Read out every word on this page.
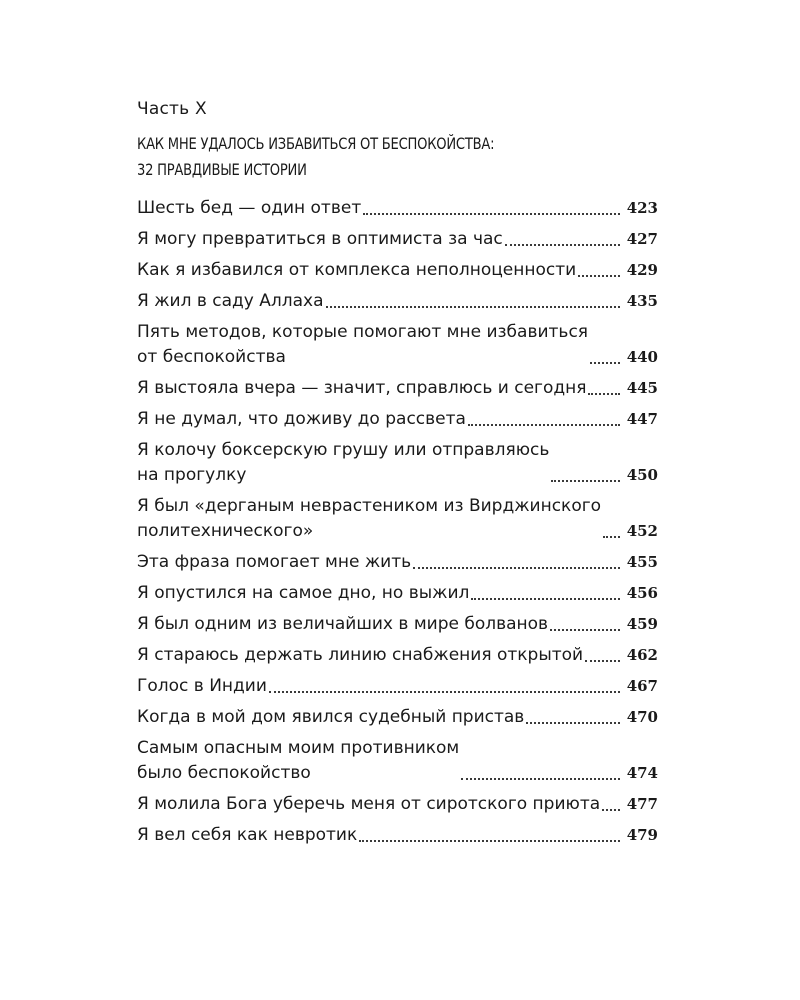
Часть X
КАК МНЕ УДАЛОСЬ ИЗБАВИТЬСЯ ОТ БЕСПОКОЙСТВА:
32 ПРАВДИВЫЕ ИСТОРИИ
Шесть бед — один ответ	423
Я могу превратиться в оптимиста за час	427
Как я избавился от комплекса неполноценности	429
Я жил в саду Аллаха	435
Пять методов, которые помогают мне избавиться
от беспокойства	440
Я выстояла вчера — значит, справлюсь и сегодня	445
Я не думал, что доживу до рассвета	447
Я колочу боксерскую грушу или отправляюсь
на прогулку	450
Я был «дерганым неврастеником из Вирджинского
политехнического»	452
Эта фраза помогает мне жить	455
Я опустился на самое дно, но выжил	456
Я был одним из величайших в мире болванов	459
Я стараюсь держать линию снабжения открытой	462
Голос в Индии	467
Когда в мой дом явился судебный пристав	470
Самым опасным моим противником
было беспокойство	474
Я молила Бога уберечь меня от сиротского приюта 477
Я вел себя как невротик	479
